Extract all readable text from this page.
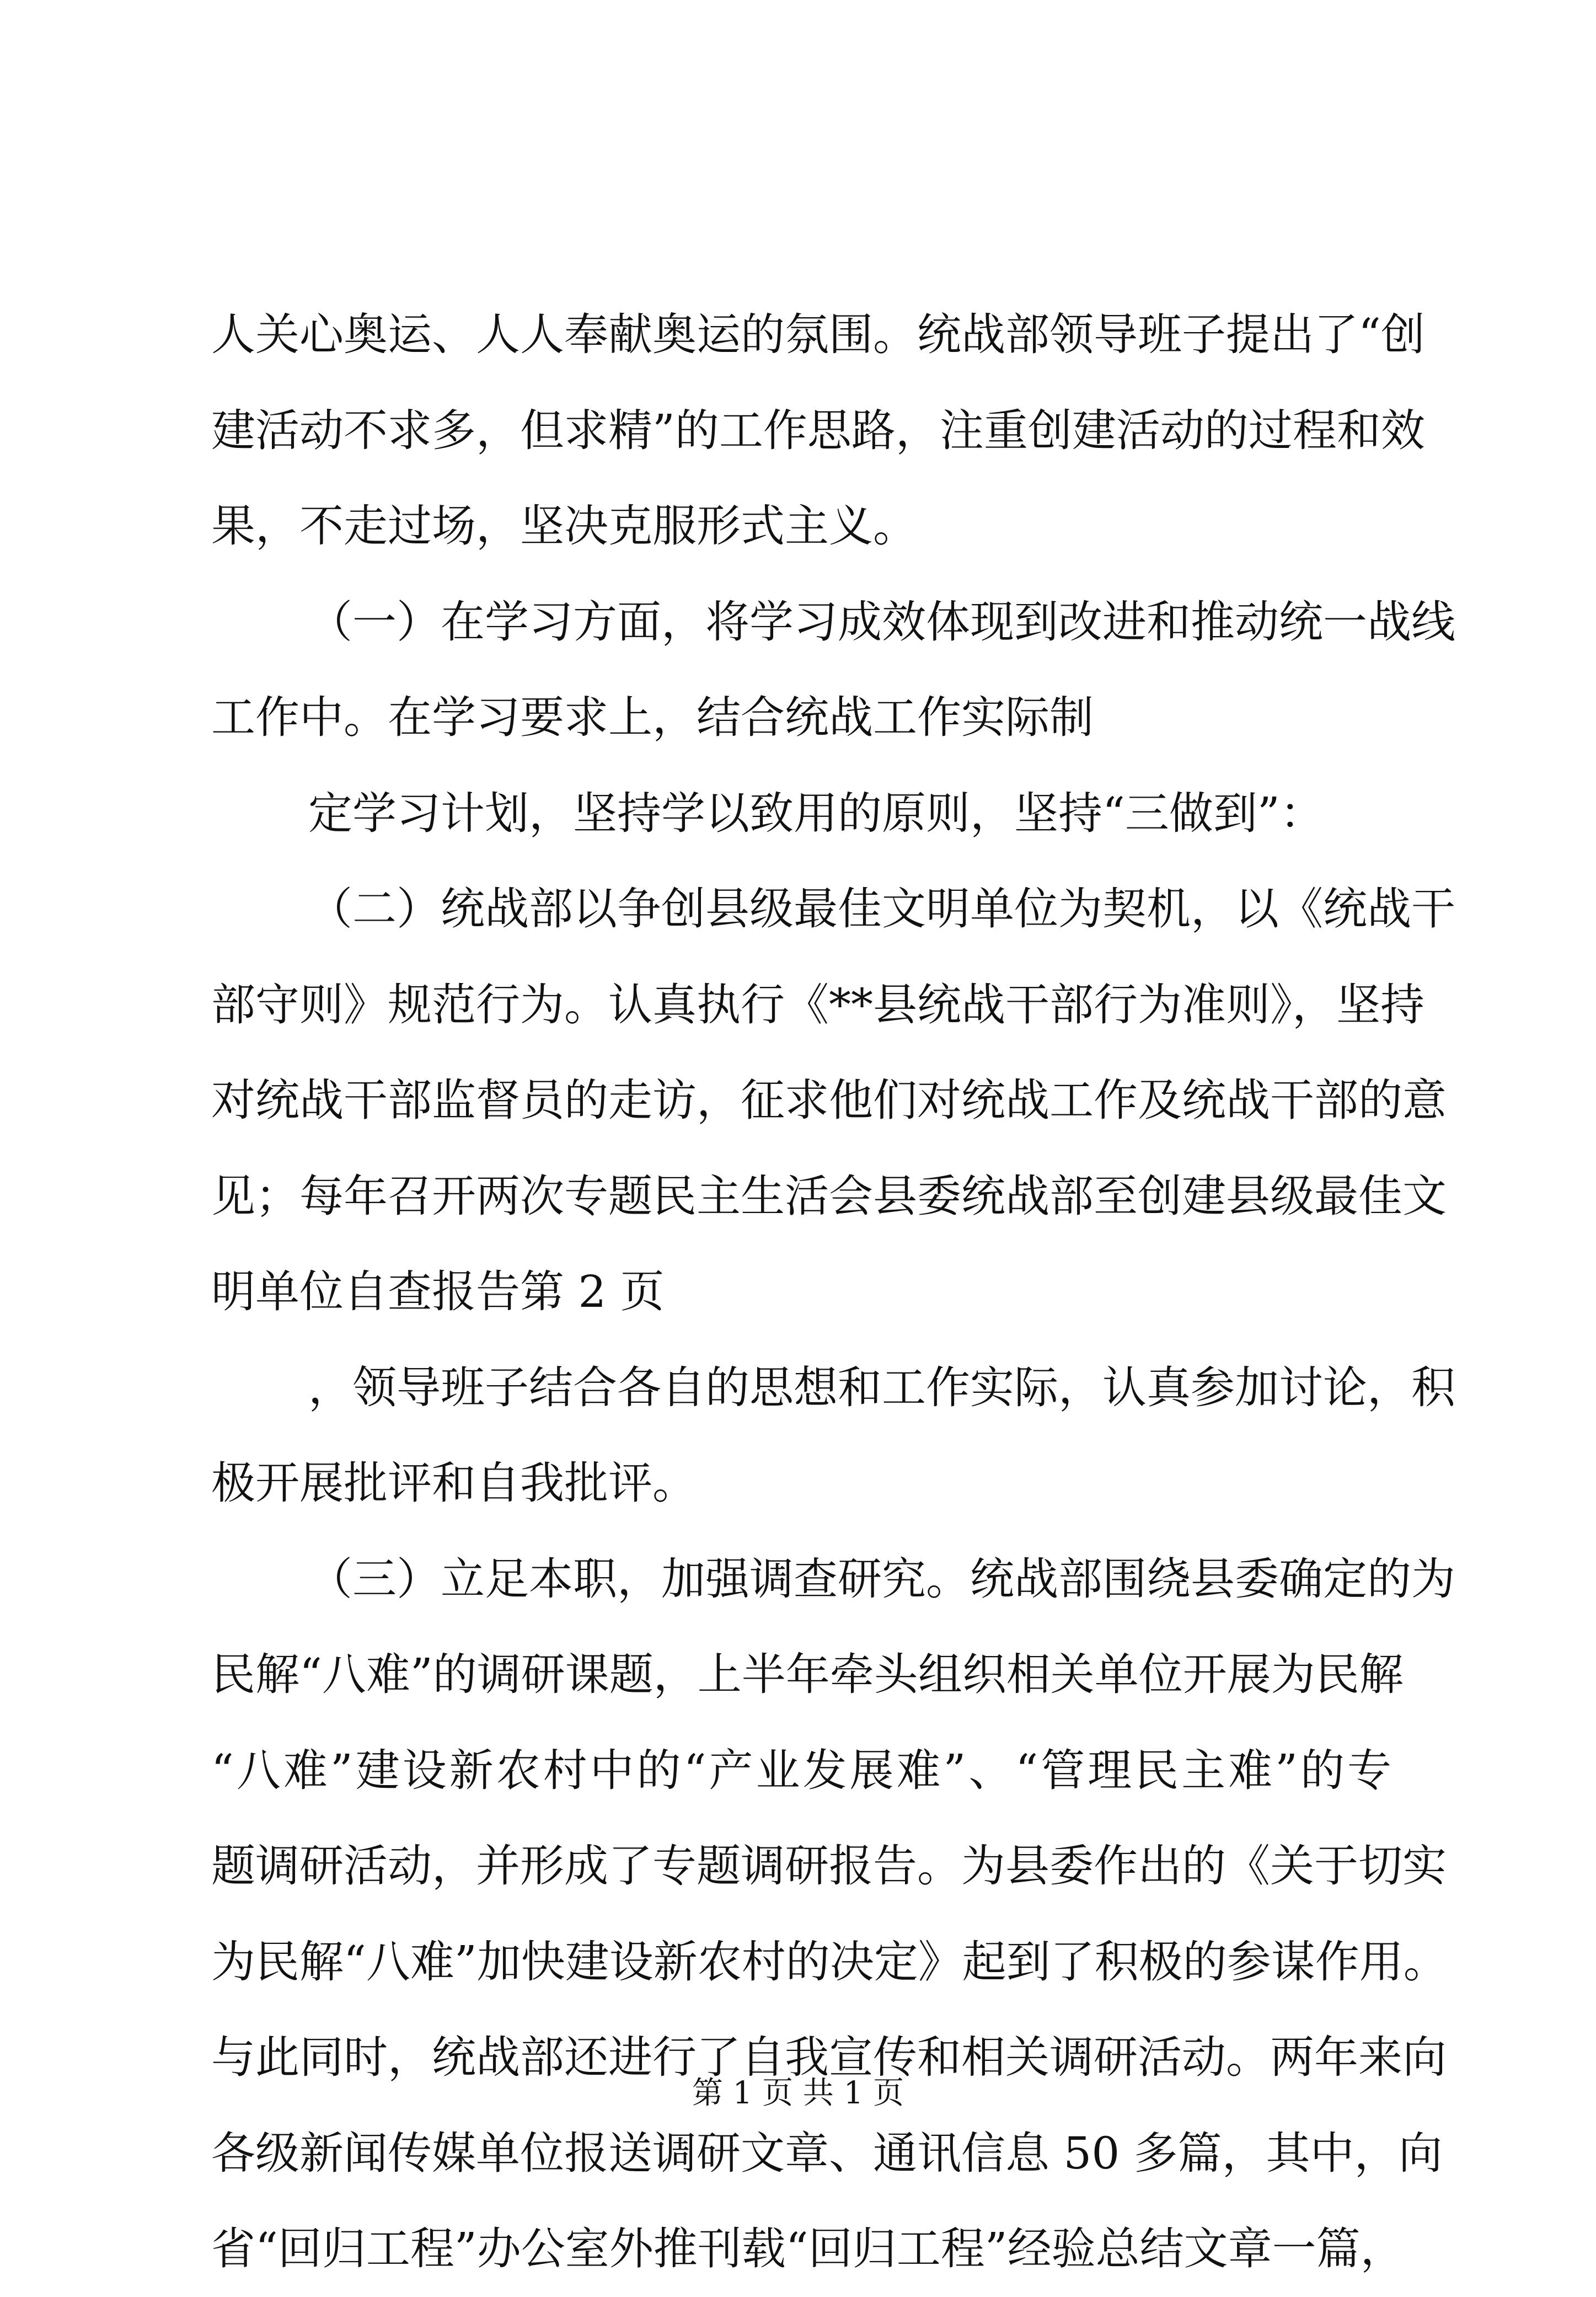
人关心奥运、人人奉献奥运的氛围。统战部领导班子提出了“创
建活动不求多，但求精”的工作思路，注重创建活动的过程和效
果，不走过场，坚决克服形式主义。
（一）在学习方面，将学习成效体现到改进和推动统一战线
工作中。在学习要求上，结合统战工作实际制
定学习计划，坚持学以致用的原则，坚持“三做到”：
（二）统战部以争创县级最佳文明单位为契机，以《统战干
部守则》规范行为。认真执行《**县统战干部行为准则》，坚持
对统战干部监督员的走访，征求他们对统战工作及统战干部的意
见；每年召开两次专题民主生活会县委统战部至创建县级最佳文
明单位自查报告第 2 页
，领导班子结合各自的思想和工作实际，认真参加讨论，积
极开展批评和自我批评。
（三）立足本职，加强调查研究。统战部围绕县委确定的为
民解“八难”的调研课题，上半年牵头组织相关单位开展为民解
“八难”建设新农村中的“产业发展难”、“管理民主难”的专
题调研活动，并形成了专题调研报告。为县委作出的《关于切实
为民解“八难”加快建设新农村的决定》起到了积极的参谋作用。
与此同时，统战部还进行了自我宣传和相关调研活动。两年来向
各级新闻传媒单位报送调研文章、通讯信息 50 多篇，其中，向
省“回归工程”办公室外推刊载“回归工程”经验总结文章一篇，
第 1 页 共 1 页
